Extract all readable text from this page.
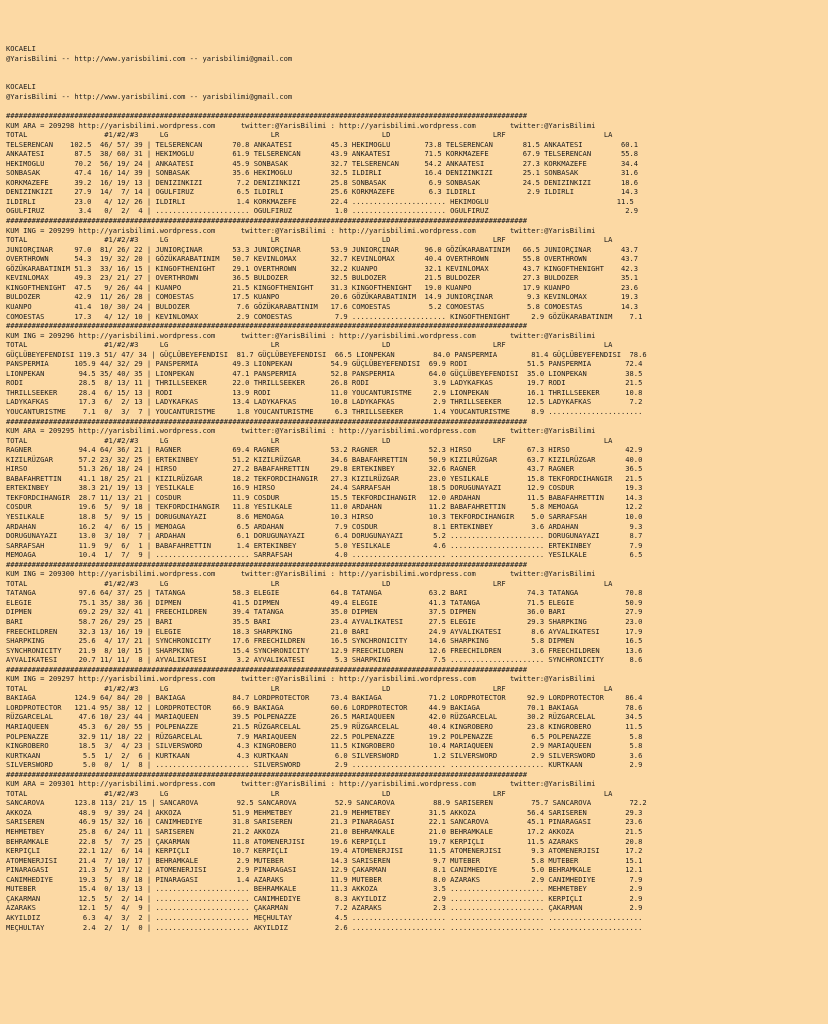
KOCAELI
@YarisBilimi -- http://www.yarisbilimi.com -- yarisbilimi@gmail.com
KOCAELI
@YarisBilimi -- http://www.yarisbilimi.com -- yarisbilimi@gmail.com
##########################################################################################################################
KUM ARA = 209298 http://yarisbilimi.wordpress.com      twitter:@YarisBilimi : http://yarisbilimi.wordpress.com        twitter:@YarisBilimi
TOTAL                  #1/#2/#3     LG                        LR                        LD                        LRF                       LA
TELSERENCAN    102.5  46/ 57/ 39 | TELSERENCAN       70.8 ANKAATESI         45.3 HEKIMOGLU        73.8 TELSERENCAN       81.5 ANKAATESI         60.1
ANKAATESI       87.5  38/ 60/ 31 | HEKIMOGLU         61.9 TELSERENCAN       43.9 ANKAATESI        71.5 KORKMAZEFE        67.9 TELSERENCAN       55.8
HEKIMOGLU       70.2  56/ 19/ 24 | ANKAATESI         45.9 SONBASAK          32.7 TELSERENCAN      54.2 ANKAATESI         27.3 KORKMAZEFE        34.4
SONBASAK        47.4  16/ 14/ 39 | SONBASAK          35.6 HEKIMOGLU         32.5 ILDIRLI          16.4 DENIZINKIZI       25.1 SONBASAK          31.6
KORKMAZEFE      39.2  16/ 19/ 13 | DENIZINKIZI        7.2 DENIZINKIZI       25.8 SONBASAK          6.9 SONBASAK          24.5 DENIZINKIZI       18.6
DENIZINKIZI     27.9  14/  7/ 14 | OGULFIRUZ          6.5 ILDIRLI           25.6 KORKMAZEFE        6.3 ILDIRLI            2.9 ILDIRLI           14.3
ILDIRLI         23.0   4/ 12/ 26 | ILDIRLI            1.4 KORKMAZEFE        22.4 ...................... HEKIMOGLU                              11.5
OGULFIRUZ        3.4   0/  2/  4 | ...................... OGULFIRUZ          1.0 ...................... OGULFIRUZ                                2.9
##########################################################################################################################
KUM ING = 209299 http://yarisbilimi.wordpress.com      twitter:@YarisBilimi : http://yarisbilimi.wordpress.com        twitter:@YarisBilimi
TOTAL                  #1/#2/#3     LG                        LR                        LD                        LRF                       LA
JUNIORÇINAR     97.0  81/ 26/ 22 | JUNIORÇINAR       53.3 JUNIORÇINAR       53.9 JUNIORÇINAR      96.0 GÖZÜKARABATINIM   66.5 JUNIORÇINAR       43.7
OVERTHROWN      54.3  19/ 32/ 20 | GÖZÜKARABATINIM   50.7 KEVINLOMAX        32.7 KEVINLOMAX       40.4 OVERTHROWN        55.8 OVERTHROWN        43.7
GÖZÜKARABATINIM 51.3  33/ 16/ 15 | KINGOFTHENIGHT    29.1 OVERTHROWN        32.2 KUANPO           32.1 KEVINLOMAX        43.7 KINGOFTHENIGHT    42.3
KEVINLOMAX      49.3  23/ 21/ 27 | OVERTHROWN        36.5 BULDOZER          32.5 BULDOZER         21.5 BULDOZER          27.3 BULDOZER          35.1
KINGOFTHENIGHT  47.5   9/ 26/ 44 | KUANPO            21.5 KINGOFTHENIGHT    31.3 KINGOFTHENIGHT   19.0 KUANPO            17.9 KUANPO            23.6
BULDOZER        42.9  11/ 26/ 28 | COMOESTAS         17.5 KUANPO            20.6 GÖZÜKARABATINIM  14.9 JUNIORÇINAR        9.3 KEVINLOMAX        19.3
KUANPO          41.4  10/ 30/ 24 | BULDOZER           7.6 GÖZÜKARABATINIM   17.6 COMOESTAS         5.2 COMOESTAS          5.8 COMOESTAS         14.3
COMOESTAS       17.3   4/ 12/ 10 | KEVINLOMAX         2.9 COMOESTAS          7.9 ...................... KINGOFTHENIGHT     2.9 GÖZÜKARABATINIM    7.1
##########################################################################################################################
KUM ING = 209296 http://yarisbilimi.wordpress.com      twitter:@YarisBilimi : http://yarisbilimi.wordpress.com        twitter:@YarisBilimi
TOTAL                  #1/#2/#3     LG                        LR                        LD                        LRF                       LA
GÜÇLÜBEYEFENDISI 119.3 51/ 47/ 34 | GÜÇLÜBEYEFENDISI  81.7 GÜÇLÜBEYEFENDISI  66.5 LIONPEKAN         84.0 PANSPERMIA        81.4 GÜÇLÜBEYEFENDISI  78.6
PANSPERMIA      105.9 44/ 32/ 29 | PANSPERMIA        49.3 LIONPEKAN         54.9 GÜÇLÜBEYEFENDISI  69.9 RODI              51.5 PANSPERMIA        72.4
LIONPEKAN        94.5 35/ 40/ 35 | LIONPEKAN         47.1 PANSPERMIA        52.8 PANSPERMIA        64.0 GÜÇLÜBEYEFENDISI  35.0 LIONPEKAN         38.5
RODI             28.5  8/ 13/ 11 | THRILLSEEKER      22.0 THRILLSEEKER      26.8 RODI               3.9 LADYKAFKAS        19.7 RODI              21.5
THRILLSEEKER     28.4  6/ 15/ 13 | RODI              13.9 RODI              11.0 YOUCANTURISTME     2.9 LIONPEKAN         16.1 THRILLSEEKER      10.8
LADYKAFKAS       17.3  6/  2/ 13 | LADYKAFKAS        13.4 LADYKAFKAS        10.8 LADYKAFKAS         2.9 THRILLSEEKER      12.5 LADYKAFKAS         7.2
YOUCANTURISTME    7.1  0/  3/  7 | YOUCANTURISTME     1.8 YOUCANTURISTME     6.3 THRILLSEEKER       1.4 YOUCANTURISTME     8.9 ......................
##########################################################################################################################
KUM ARA = 209295 http://yarisbilimi.wordpress.com      twitter:@YarisBilimi : http://yarisbilimi.wordpress.com        twitter:@YarisBilimi
TOTAL                  #1/#2/#3     LG                        LR                        LD                        LRF                       LA
RAGNER           94.4 64/ 36/ 21 | RAGNER            69.4 RAGNER            53.2 RAGNER            52.3 HIRSO             67.3 HIRSO             42.9
KIZILRÜZGAR      57.2 23/ 32/ 25 | ERTEKINBEY        51.2 KIZILRÜZGAR       34.6 BABAFAHRETTIN     50.9 KIZILRÜZGAR       63.7 KIZILRÜZGAR       40.0
HIRSO            51.3 26/ 18/ 24 | HIRSO             27.2 BABAFAHRETTIN     29.8 ERTEKINBEY        32.6 RAGNER            43.7 RAGNER            36.5
BABAFAHRETTIN    41.1 18/ 25/ 21 | KIZILRÜZGAR       18.2 TEKFORDCIHANGIR   27.3 KIZILRÜZGAR       23.0 YESILKALE         15.8 TEKFORDCIHANGIR   21.5
ERTEKINBEY       38.3 21/ 19/ 13 | YESILKALE         16.9 HIRSO             24.4 SARRAFSAH         18.5 DORUGUNAYAZI      12.9 COSDUR            19.3
TEKFORDCIHANGIR  28.7 11/ 13/ 21 | COSDUR            11.9 COSDUR            15.5 TEKFORDCIHANGIR   12.0 ARDAHAN           11.5 BABAFAHRETTIN     14.3
COSDUR           19.6  5/  9/ 18 | TEKFORDCIHANGIR   11.8 YESILKALE         11.0 ARDAHAN           11.2 BABAFAHRETTIN      5.8 MEMOAGA           12.2
YESILKALE        18.8  5/  9/ 15 | DORUGUNAYAZI       8.6 MEMOAGA           10.3 HIRSO             10.3 TEKFORDCIHANGIR    5.0 SARRAFSAH         10.0
ARDAHAN          16.2  4/  6/ 15 | MEMOAGA            6.5 ARDAHAN            7.9 COSDUR             8.1 ERTEKINBEY         3.6 ARDAHAN            9.3
DORUGUNAYAZI     13.0  3/ 10/  7 | ARDAHAN            6.1 DORUGUNAYAZI       6.4 DORUGUNAYAZI       5.2 ...................... DORUGUNAYAZI       8.7
SARRAFSAH        11.9  9/  6/  1 | BABAFAHRETTIN      1.4 ERTEKINBEY         5.0 YESILKALE          4.6 ...................... ERTEKINBEY         7.9
MEMOAGA          10.4  1/  7/  9 | ...................... SARRAFSAH          4.0 ...................... ...................... YESILKALE          6.5
##########################################################################################################################
KUM ING = 209300 http://yarisbilimi.wordpress.com      twitter:@YarisBilimi : http://yarisbilimi.wordpress.com        twitter:@YarisBilimi
TOTAL                  #1/#2/#3     LG                        LR                        LD                        LRF                       LA
TATANGA          97.6 64/ 37/ 25 | TATANGA           58.3 ELEGIE            64.8 TATANGA           63.2 BARI              74.3 TATANGA           70.8
ELEGIE           75.1 35/ 38/ 36 | DIPMEN            41.5 DIPMEN            49.4 ELEGIE            41.3 TATANGA           71.5 ELEGIE            50.9
DIPMEN           69.2 29/ 32/ 41 | FREECHILDREN      39.4 TATANGA           35.0 DIPMEN            37.5 DIPMEN            36.0 BARI              27.9
BARI             58.7 26/ 29/ 25 | BARI              35.5 BARI              23.4 AYVALIKATESI      27.5 ELEGIE            29.3 SHARPKING         23.0
FREECHILDREN     32.3 13/ 16/ 19 | ELEGIE            18.3 SHARPKING         21.0 BARI              24.9 AYVALIKATESI       8.6 AYVALIKATESI      17.9
SHARPKING        25.6  4/ 17/ 21 | SYNCHRONICITY     17.6 FREECHILDREN      16.5 SYNCHRONICITY     14.6 SHARPKING          5.8 DIPMEN            16.5
SYNCHRONICITY    21.9  8/ 10/ 15 | SHARPKING         15.4 SYNCHRONICITY     12.9 FREECHILDREN      12.6 FREECHILDREN       3.6 FREECHILDREN      13.6
AYVALIKATESI     20.7 11/ 11/  8 | AYVALIKATESI       3.2 AYVALIKATESI       5.3 SHARPKING          7.5 ...................... SYNCHRONICITY      8.6
##########################################################################################################################
KUM ING = 209297 http://yarisbilimi.wordpress.com      twitter:@YarisBilimi : http://yarisbilimi.wordpress.com        twitter:@YarisBilimi
TOTAL                  #1/#2/#3     LG                        LR                        LD                        LRF                       LA
BAKIAGA         124.9 64/ 84/ 20 | BAKIAGA           84.7 LORDPROTECTOR     73.4 BAKIAGA           71.2 LORDPROTECTOR     92.9 LORDPROTECTOR     86.4
LORDPROTECTOR   121.4 95/ 38/ 12 | LORDPROTECTOR     66.9 BAKIAGA           60.6 LORDPROTECTOR     44.9 BAKIAGA           70.1 BAKIAGA           78.6
RÜZGARCELAL      47.6 10/ 23/ 44 | MARIAQUEEN        39.5 POLPENAZZE        26.5 MARIAQUEEN        42.0 RÜZGARCELAL       30.2 RÜZGARCELAL       34.5
MARIAQUEEN       45.3  6/ 20/ 55 | POLPENAZZE        21.5 RÜZGARCELAL       25.9 RÜZGARCELAL       40.4 KINGROBERO        23.8 KINGROBERO        11.5
POLPENAZZE       32.9 11/ 18/ 22 | RÜZGARCELAL        7.9 MARIAQUEEN        22.5 POLPENAZZE        19.2 POLPENAZZE         6.5 POLPENAZZE         5.8
KINGROBERO       18.5  3/  4/ 23 | SILVERSWORD        4.3 KINGROBERO        11.5 KINGROBERO        10.4 MARIAQUEEN         2.9 MARIAQUEEN         5.8
KURTKAAN          5.5  1/  2/  6 | KURTKAAN           4.3 KURTKAAN           6.0 SILVERSWORD        1.2 SILVERSWORD        2.9 SILVERSWORD        3.6
SILVERSWORD       5.0  0/  1/  8 | ...................... SILVERSWORD        2.9 ...................... ...................... KURTKAAN           2.9
##########################################################################################################################
KUM ARA = 209301 http://yarisbilimi.wordpress.com      twitter:@YarisBilimi : http://yarisbilimi.wordpress.com        twitter:@YarisBilimi
TOTAL                  #1/#2/#3     LG                        LR                        LD                        LRF                       LA
SANCAROVA       123.8 113/ 21/ 15 | SANCAROVA         92.5 SANCAROVA         52.9 SANCAROVA         88.9 SARISEREN         75.7 SANCAROVA         72.2
AKKOZA           48.9  9/ 39/ 24 | AKKOZA            51.9 MEHMETBEY         21.9 MEHMETBEY         31.5 AKKOZA            56.4 SARISEREN         29.3
SARISEREN        46.9 15/ 32/ 16 | CANIMHEDIYE       31.8 SARISEREN         21.3 PINARAGASI        22.1 SANCAROVA         45.1 PINARAGASI        23.6
MEHMETBEY        25.8  6/ 24/ 11 | SARISEREN         21.2 AKKOZA            21.0 BEHRAMKALE        21.0 BEHRAMKALE        17.2 AKKOZA            21.5
BEHRAMKALE       22.8  5/  7/ 25 | ÇAKARMAN          11.8 ATOMENERJISI      19.6 KERPIÇLI          19.7 KERPIÇLI          11.5 AZARAKS           20.8
KERPIÇLI         22.1 12/  6/ 14 | KERPIÇLI          10.7 KERPIÇLI          19.4 ATOMENERJISI      11.5 ATOMENERJISI       9.3 ATOMENERJISI      17.2
ATOMENERJISI     21.4  7/ 10/ 17 | BEHRAMKALE         2.9 MUTEBER           14.3 SARISEREN          9.7 MUTEBER            5.8 MUTEBER           15.1
PINARAGASI       21.3  5/ 17/ 12 | ATOMENERJISI       2.9 PINARAGASI        12.9 ÇAKARMAN           8.1 CANIMHEDIYE        5.0 BEHRAMKALE        12.1
CANIMHEDIYE      19.3  5/  8/ 18 | PINARAGASI         1.4 AZARAKS           11.9 MUTEBER            8.0 AZARAKS            2.9 CANIMHEDIYE        7.9
MUTEBER          15.4  0/ 13/ 13 | ...................... BEHRAMKALE        11.3 AKKOZA             3.5 ...................... MEHMETBEY          2.9
ÇAKARMAN         12.5  5/  2/ 14 | ...................... CANIMHEDIYE        8.3 AKYILDIZ           2.9 ...................... KERPIÇLI           2.9
AZARAKS          12.1  5/  4/  9 | ...................... ÇAKARMAN           7.2 AZARAKS            2.3 ...................... ÇAKARMAN           2.9
AKYILDIZ          6.3  4/  3/  2 | ...................... MEÇHULTAY          4.5 ...................... ...................... ......................
MEÇHULTAY         2.4  2/  1/  0 | ...................... AKYILDIZ           2.6 ...................... ...................... ......................
